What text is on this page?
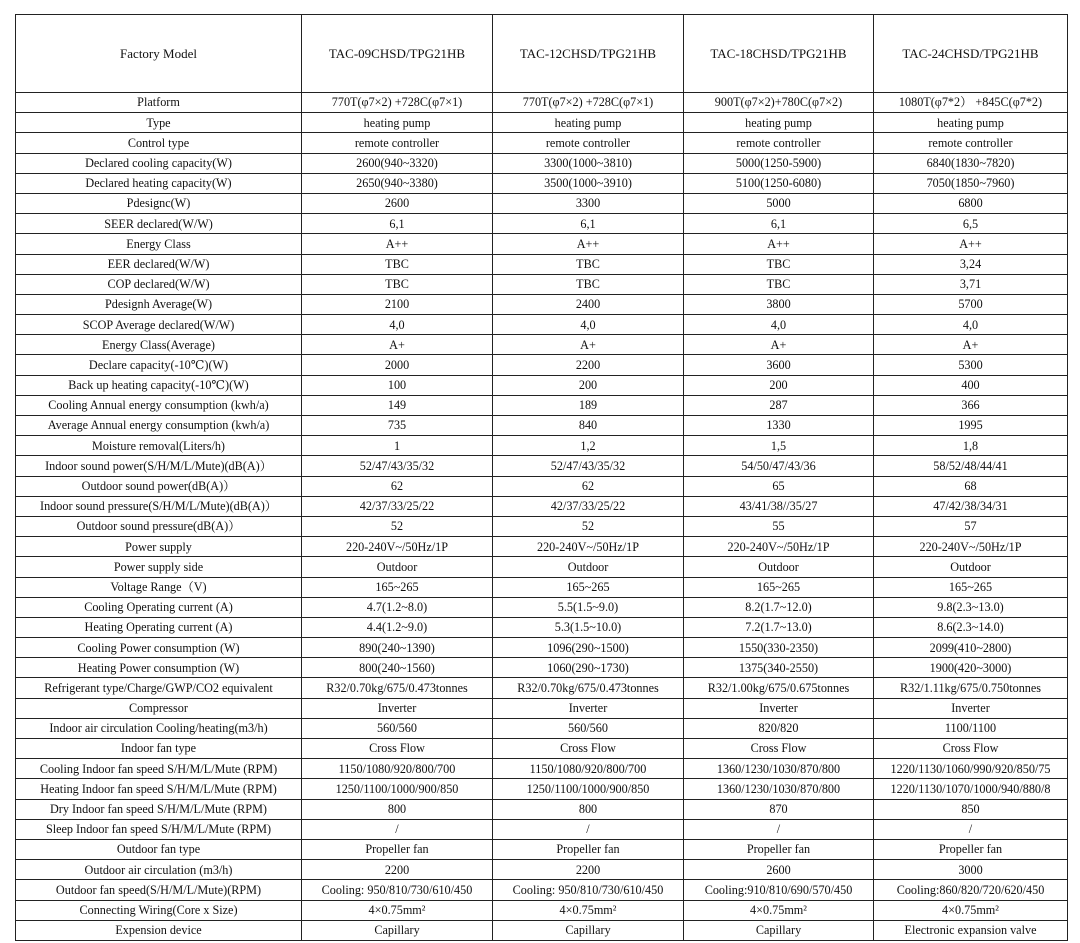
Factory Model	TAC-09CHSD/TPG21HB	TAC-12CHSD/TPG21HB	TAC-18CHSD/TPG21HB	TAC-24CHSD/TPG21HB
Platform	770T(φ7×2) +728C(φ7×1)	770T(φ7×2) +728C(φ7×1)	900T(φ7×2)+780C(φ7×2)	1080T(φ7*2） +845C(φ7*2)
Type	heating pump	heating pump	heating pump	heating pump
Control type	remote controller	remote controller	remote controller	remote controller
Declared cooling capacity(W)	2600(940~3320)	3300(1000~3810)	5000(1250-5900)	6840(1830~7820)
Declared heating capacity(W)	2650(940~3380)	3500(1000~3910)	5100(1250-6080)	7050(1850~7960)
Pdesignc(W)	2600	3300	5000	6800
SEER declared(W/W)	6,1	6,1	6,1	6,5
Energy Class	A++	A++	A++	A++
EER declared(W/W)	TBC	TBC	TBC	3,24
COP declared(W/W)	TBC	TBC	TBC	3,71
Pdesignh Average(W)	2100	2400	3800	5700
SCOP Average declared(W/W)	4,0	4,0	4,0	4,0
Energy Class(Average)	A+	A+	A+	A+
Declare capacity(-10℃)(W)	2000	2200	3600	5300
Back up heating capacity(-10℃)(W)	100	200	200	400
Cooling Annual energy consumption (kwh/a)	149	189	287	366
Average Annual energy consumption (kwh/a)	735	840	1330	1995
Moisture removal(Liters/h)	1	1,2	1,5	1,8
Indoor sound power(S/H/M/L/Mute)(dB(A)）	52/47/43/35/32	52/47/43/35/32	54/50/47/43/36	58/52/48/44/41
Outdoor sound power(dB(A)）	62	62	65	68
Indoor sound pressure(S/H/M/L/Mute)(dB(A)）	42/37/33/25/22	42/37/33/25/22	43/41/38//35/27	47/42/38/34/31
Outdoor sound pressure(dB(A)）	52	52	55	57
Power supply	220-240V~/50Hz/1P	220-240V~/50Hz/1P	220-240V~/50Hz/1P	220-240V~/50Hz/1P
Power supply side	Outdoor	Outdoor	Outdoor	Outdoor
Voltage Range（V)	165~265	165~265	165~265	165~265
Cooling Operating current (A)	4.7(1.2~8.0)	5.5(1.5~9.0)	8.2(1.7~12.0)	9.8(2.3~13.0)
Heating Operating current (A)	4.4(1.2~9.0)	5.3(1.5~10.0)	7.2(1.7~13.0)	8.6(2.3~14.0)
Cooling Power consumption (W)	890(240~1390)	1096(290~1500)	1550(330-2350)	2099(410~2800)
Heating Power consumption (W)	800(240~1560)	1060(290~1730)	1375(340-2550)	1900(420~3000)
Refrigerant type/Charge/GWP/CO2 equivalent	R32/0.70kg/675/0.473tonnes	R32/0.70kg/675/0.473tonnes	R32/1.00kg/675/0.675tonnes	R32/1.11kg/675/0.750tonnes
Compressor	Inverter	Inverter	Inverter	Inverter
Indoor air circulation Cooling/heating(m3/h)	560/560	560/560	820/820	1100/1100
Indoor fan type	Cross Flow	Cross Flow	Cross Flow	Cross Flow
Cooling Indoor fan speed S/H/M/L/Mute (RPM)	1150/1080/920/800/700	1150/1080/920/800/700	1360/1230/1030/870/800	1220/1130/1060/990/920/850/75
Heating Indoor fan speed S/H/M/L/Mute (RPM)	1250/1100/1000/900/850	1250/1100/1000/900/850	1360/1230/1030/870/800	1220/1130/1070/1000/940/880/8
Dry Indoor fan speed S/H/M/L/Mute (RPM)	800	800	870	850
Sleep Indoor fan speed S/H/M/L/Mute (RPM)	/	/	/	/
Outdoor fan type	Propeller fan	Propeller fan	Propeller fan	Propeller fan
Outdoor air circulation (m3/h)	2200	2200	2600	3000
Outdoor fan speed(S/H/M/L/Mute)(RPM)	Cooling: 950/810/730/610/450	Cooling: 950/810/730/610/450	Cooling:910/810/690/570/450	Cooling:860/820/720/620/450
Connecting Wiring(Core x Size)	4×0.75mm²	4×0.75mm²	4×0.75mm²	4×0.75mm²
Expension device	Capillary	Capillary	Capillary	Electronic expansion valve
